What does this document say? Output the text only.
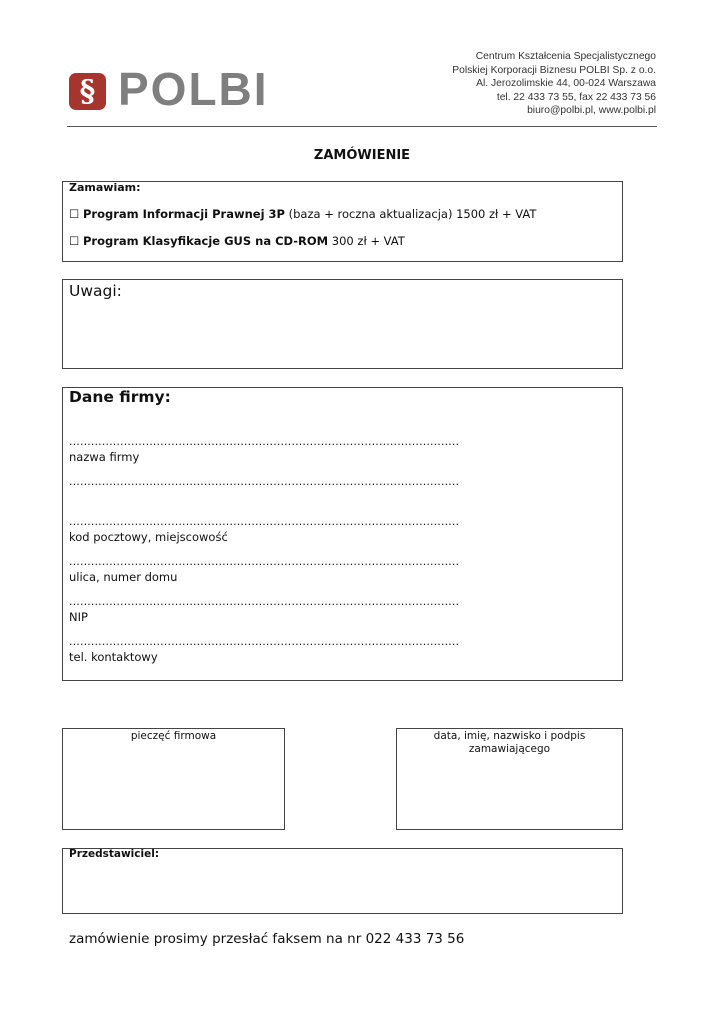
§ POLBI
Centrum Kształcenia Specjalistycznego
Polskiej Korporacji Biznesu POLBI Sp. z o.o.
Al. Jerozolimskie 44, 00-024 Warszawa
tel. 22 433 73 55, fax 22 433 73 56
biuro@polbi.pl, www.polbi.pl
ZAMÓWIENIE
Zamawiam:
☐ Program Informacji Prawnej 3P (baza + roczna aktualizacja) 1500 zł + VAT
☐ Program Klasyfikacje GUS na CD-ROM 300 zł + VAT
Uwagi:
Dane firmy:
...........................................................................................................
nazwa firmy
...........................................................................................................
...........................................................................................................
kod pocztowy, miejscowość
...........................................................................................................
ulica, numer domu
...........................................................................................................
NIP
...........................................................................................................
tel. kontaktowy
pieczęć firmowa	data, imię, nazwisko i podpis
zamawiającego
Przedstawiciel:
zamówienie prosimy przesłać faksem na nr 022 433 73 56
